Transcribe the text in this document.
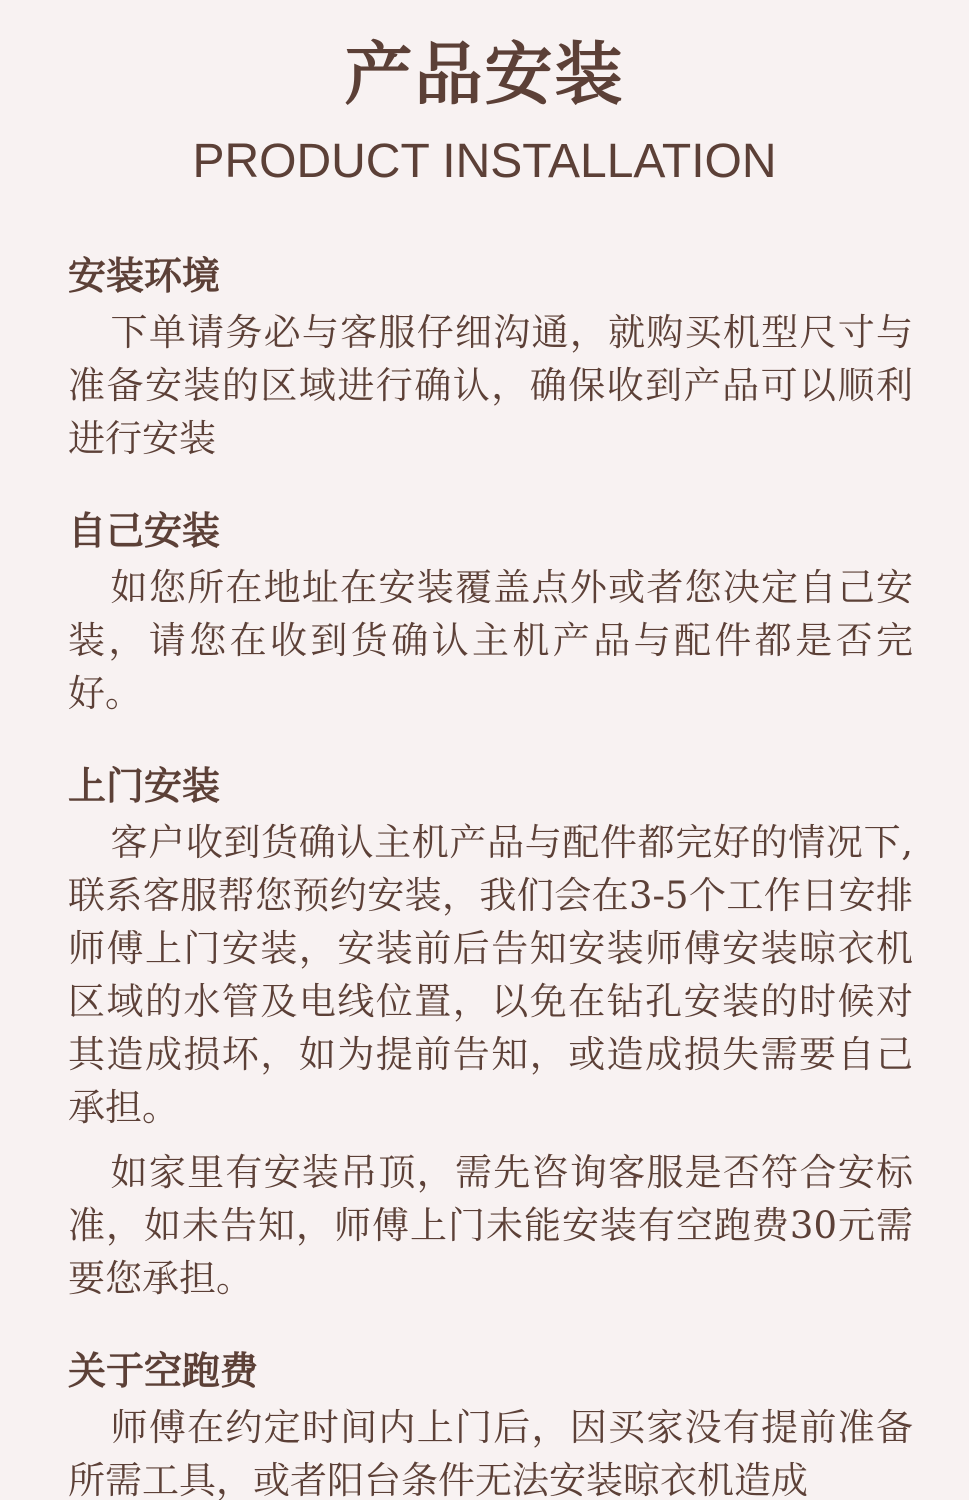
产品安装
PRODUCT INSTALLATION
安装环境

下单请务必与客服仔细沟通，就购买机型尺寸与准备安装的区域进行确认，确保收到产品可以顺利进行安装

自己安装

如您所在地址在安装覆盖点外或者您决定自己安装，请您在收到货确认主机产品与配件都是否完好。

上门安装

客户收到货确认主机产品与配件都完好的情况下, 联系客服帮您预约安装，我们会在3-5个工作日安排师傅上门安装，安装前后告知安装师傅安装晾衣机区域的水管及电线位置，以免在钻孔安装的时候对其造成损坏，如为提前告知，或造成损失需要自己承担。

如家里有安装吊顶，需先咨询客服是否符合安标准，如未告知，师傅上门未能安装有空跑费30元需要您承担。

关于空跑费

师傅在约定时间内上门后，因买家没有提前准备所需工具，或者阳台条件无法安装晾衣机造成
